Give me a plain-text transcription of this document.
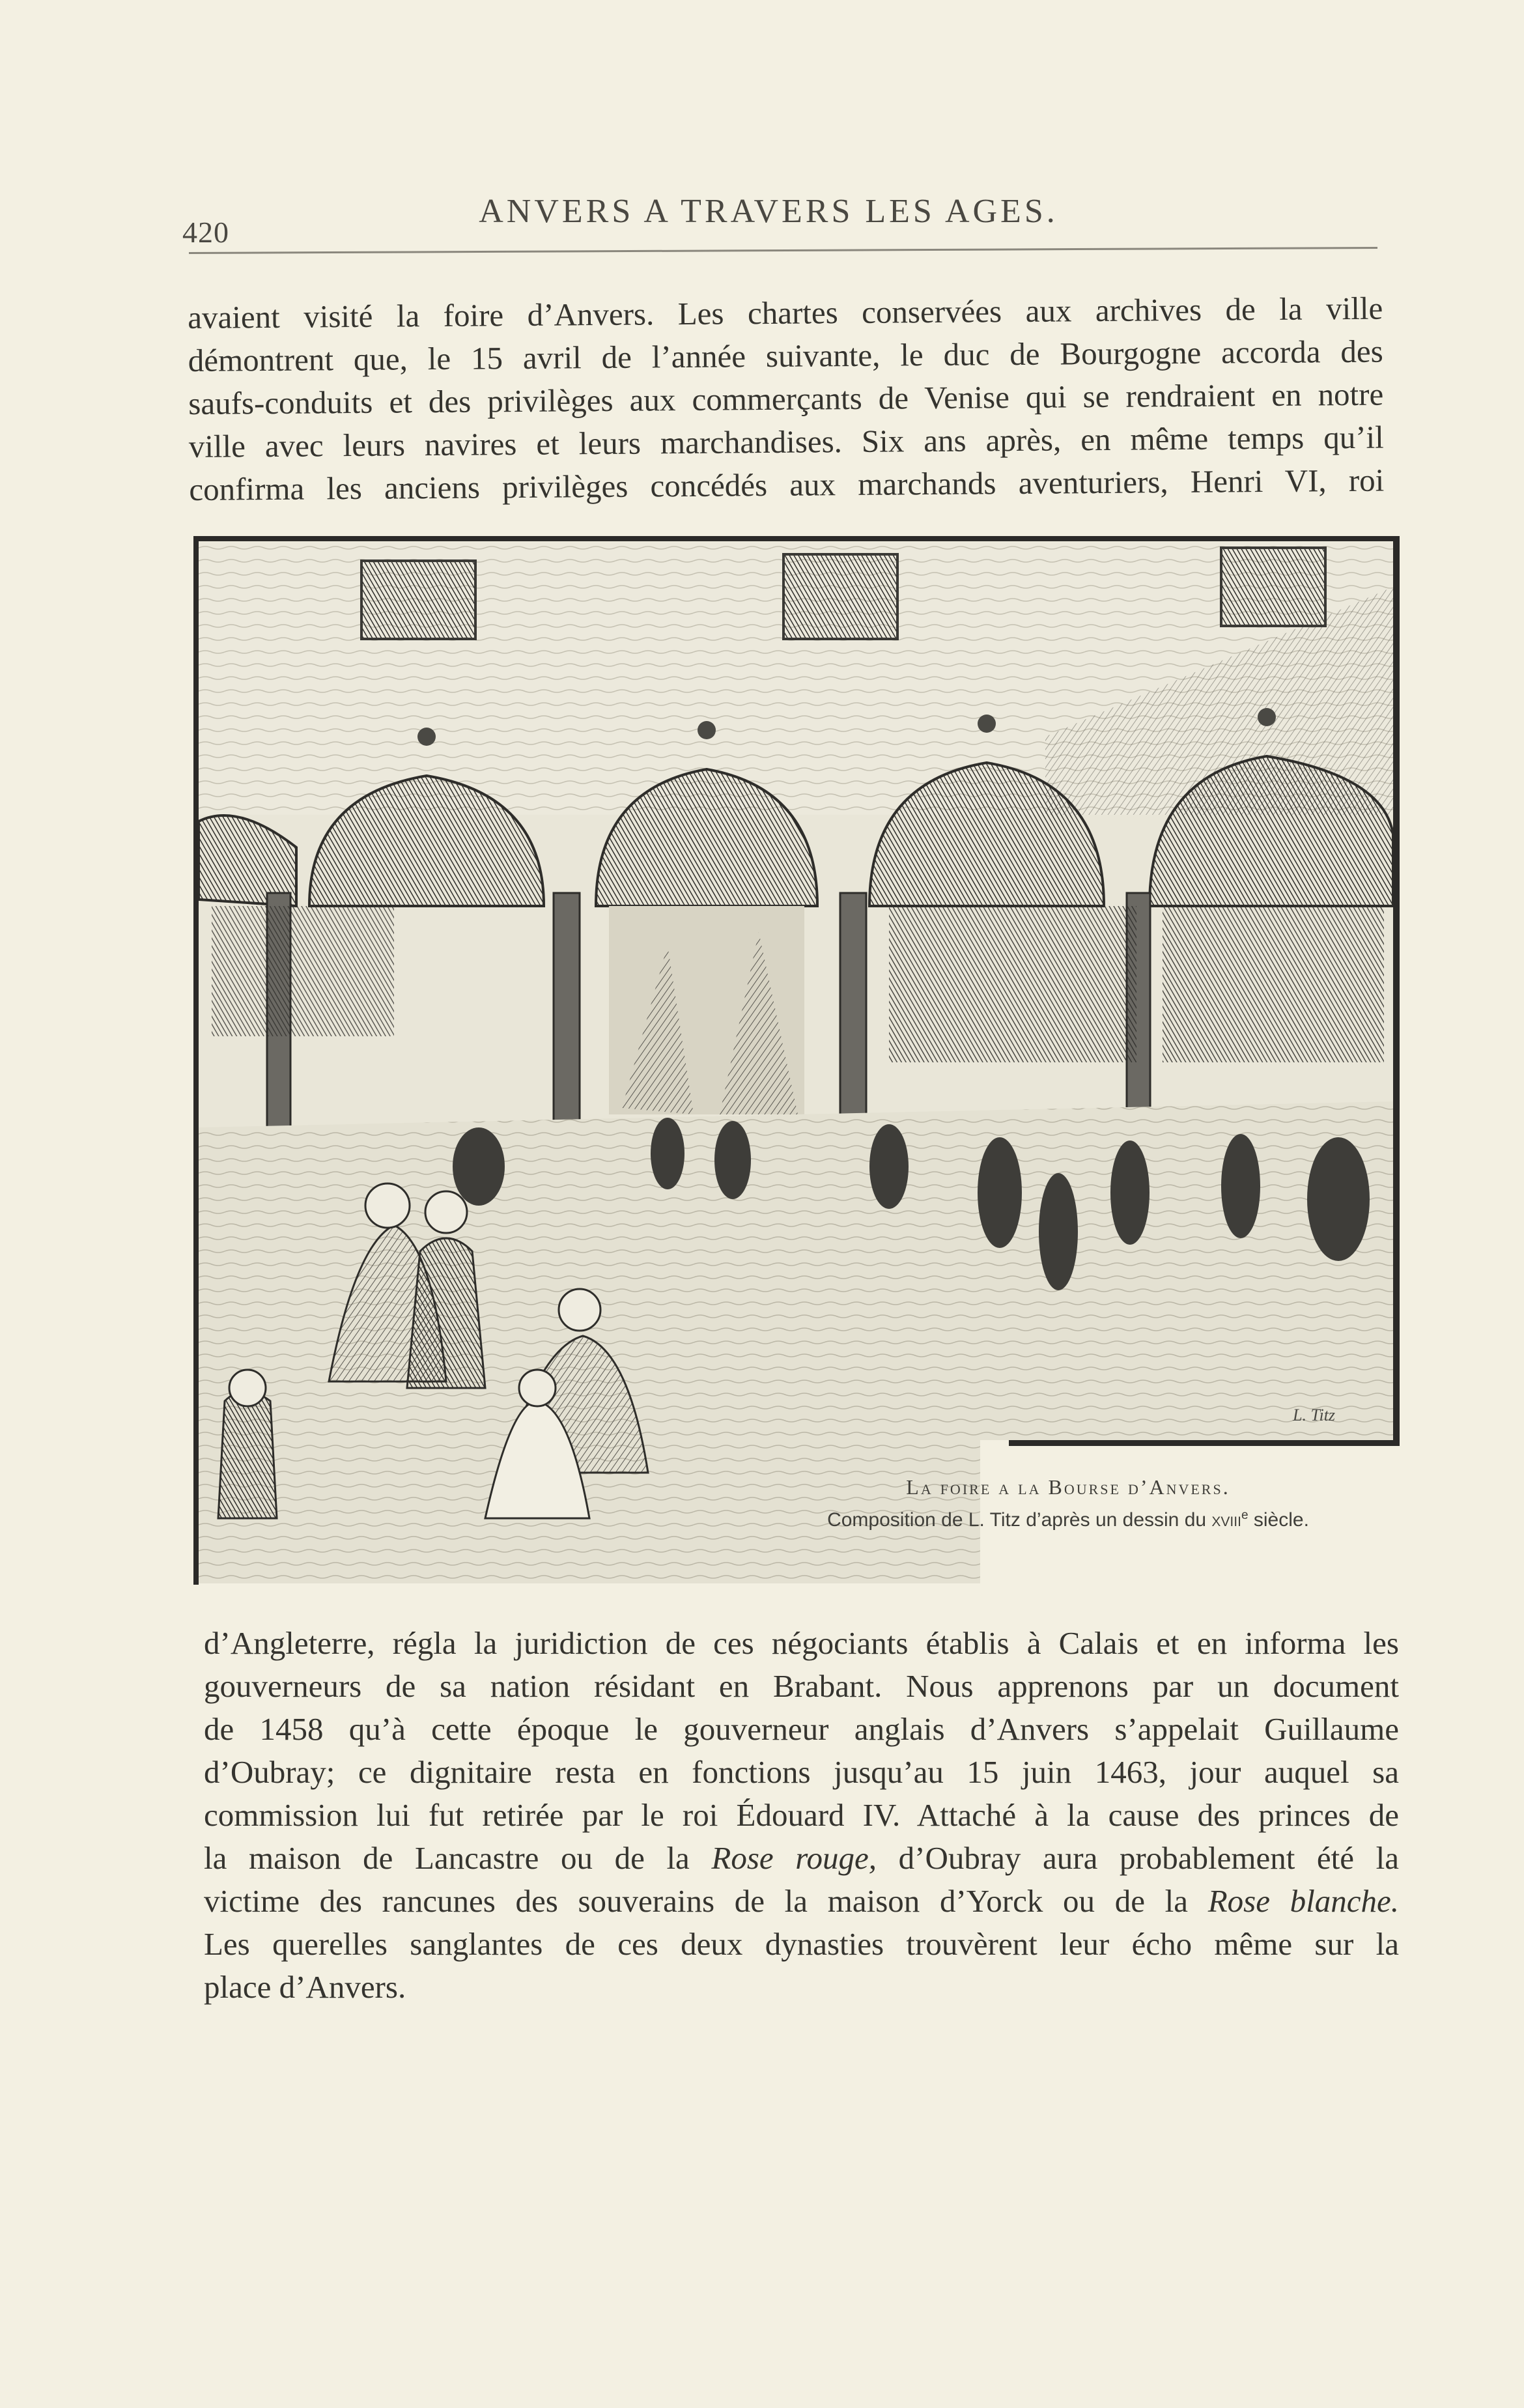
420
ANVERS A TRAVERS LES AGES.
avaient visité la foire d’Anvers. Les chartes conservées aux archives de la ville
démontrent que, le 15 avril de l’année suivante, le duc de Bourgogne accorda des
saufs-conduits et des privilèges aux commerçants de Venise qui se rendraient en notre
ville avec leurs navires et leurs marchandises. Six ans après, en même temps qu’il
confirma les anciens privilèges concédés aux marchands aventuriers, Henri VI, roi
L. Titz
La foire a la Bourse d’Anvers.
Composition de L. Titz d’après un dessin du xviii$^e$ siècle.
d’Angleterre, régla la juridiction de ces négociants établis à Calais et en informa les
gouverneurs de sa nation résidant en Brabant. Nous apprenons par un document
de 1458 qu’à cette époque le gouverneur anglais d’Anvers s’appelait Guillaume
d’Oubray; ce dignitaire resta en fonctions jusqu’au 15 juin 1463, jour auquel sa
commission lui fut retirée par le roi Édouard IV. Attaché à la cause des princes de
la maison de Lancastre ou de la Rose rouge, d’Oubray aura probablement été la
victime des rancunes des souverains de la maison d’Yorck ou de la Rose blanche.
Les querelles sanglantes de ces deux dynasties trouvèrent leur écho même sur la
place d’Anvers.
